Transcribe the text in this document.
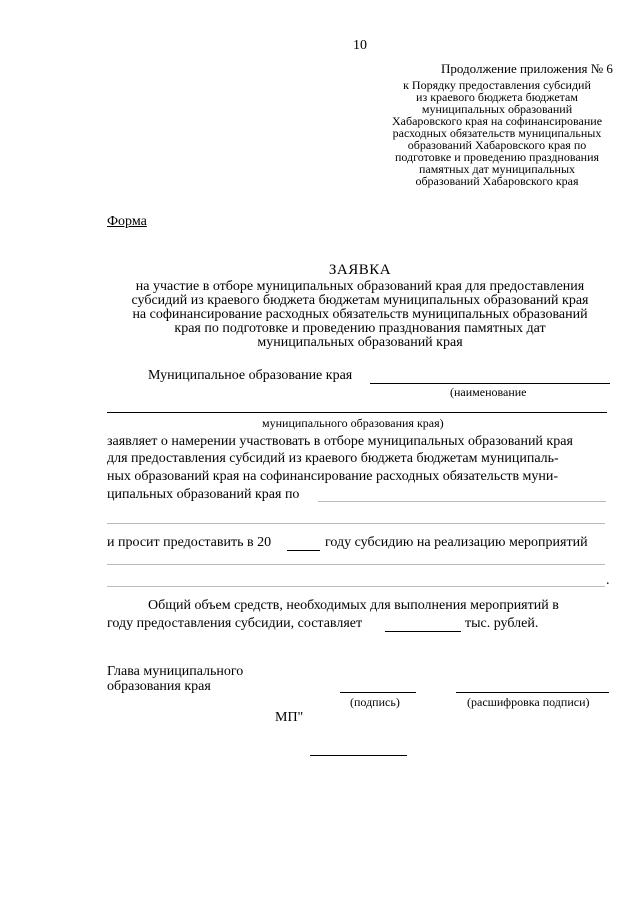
10
Продолжение приложения № 6
к Порядку предоставления субсидий
из краевого бюджета бюджетам
муниципальных образований
Хабаровского края на софинансирование
расходных обязательств муниципальных
образований Хабаровского края по
подготовке и проведению празднования
памятных дат муниципальных
образований Хабаровского края
Форма
ЗАЯВКА
на участие в отборе муниципальных образований края для предоставления
субсидий из краевого бюджета бюджетам муниципальных образований края
на софинансирование расходных обязательств муниципальных образований
края по подготовке и проведению празднования памятных дат
муниципальных образований края
Муниципальное образование края
(наименование
муниципального образования края)
заявляет о намерении участвовать в отборе муниципальных образований края
для предоставления субсидий из краевого бюджета бюджетам муниципаль-
ных образований края на софинансирование расходных обязательств муни-
ципальных образований края по
и просит предоставить в 20	году субсидию на реализацию мероприятий
.
Общий объем средств, необходимых для выполнения мероприятий в
году предоставления субсидии, составляет	тыс. рублей.
Глава муниципального
образования края
(подпись)	(расшифровка подписи)
МП"
